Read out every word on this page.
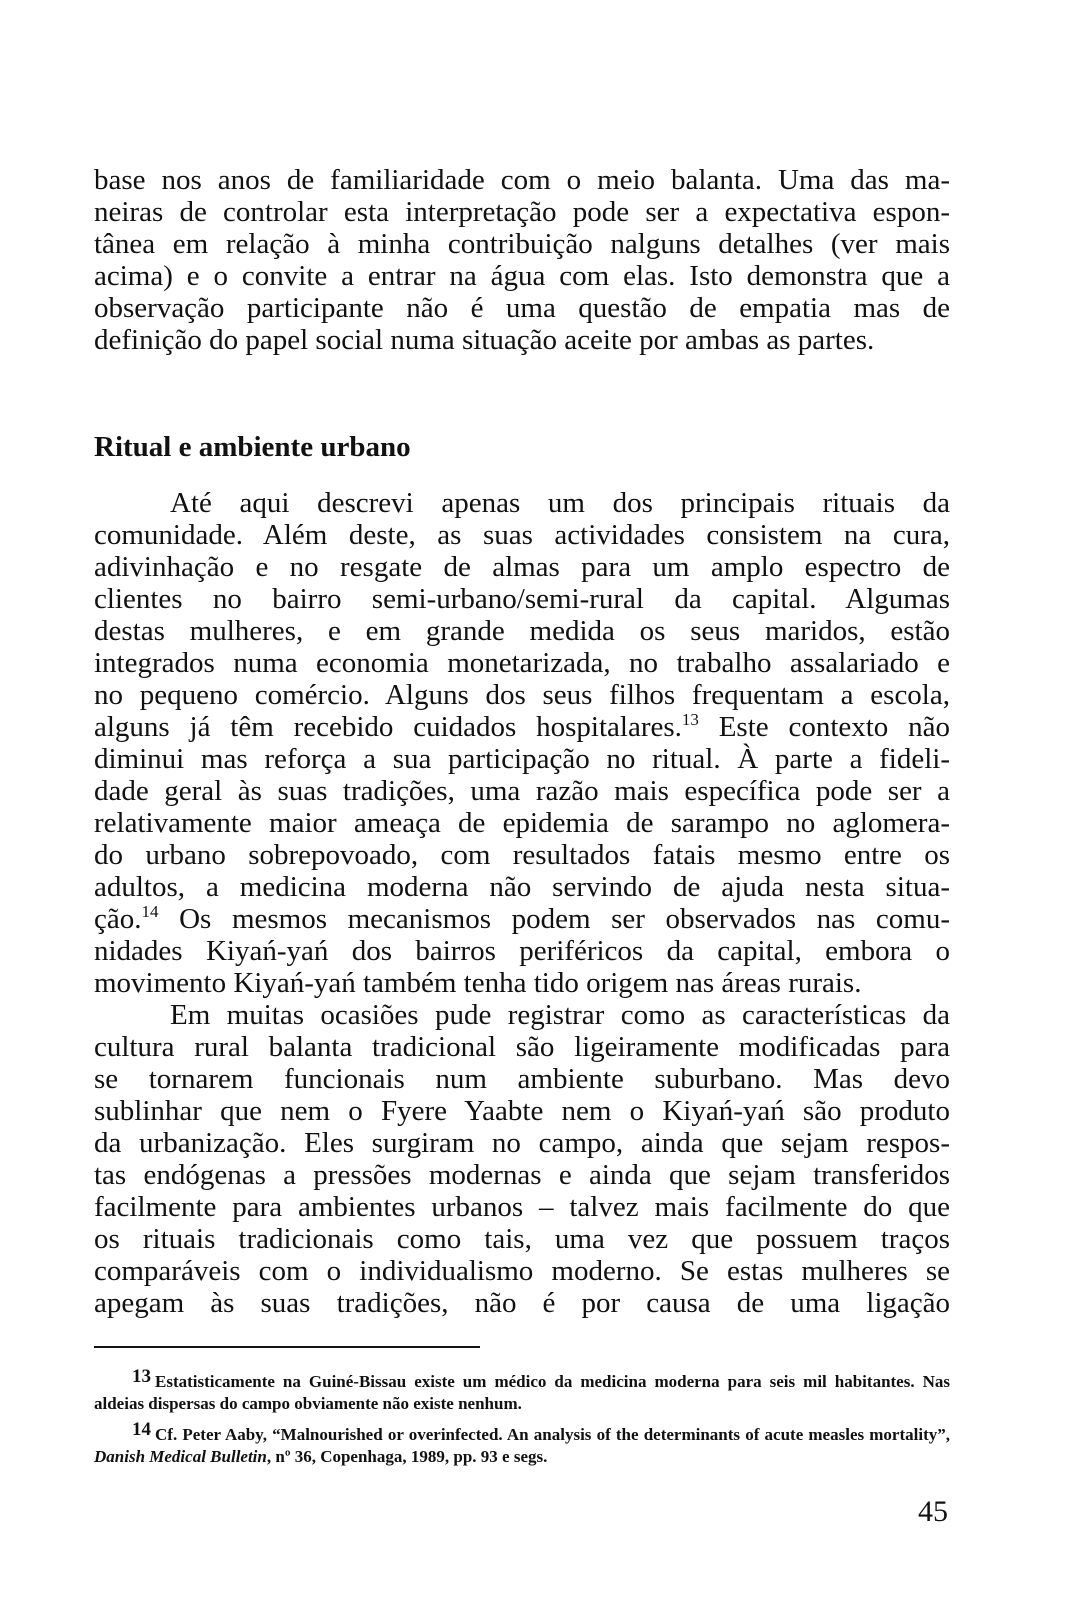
base nos anos de familiaridade com o meio balanta. Uma das ma-
neiras de controlar esta interpretação pode ser a expectativa espon-
tânea em relação à minha contribuição nalguns detalhes (ver mais
acima) e o convite a entrar na água com elas. Isto demonstra que a
observação participante não é uma questão de empatia mas de
definição do papel social numa situação aceite por ambas as partes.

Ritual e ambiente urbano

Até aqui descrevi apenas um dos principais rituais da
comunidade. Além deste, as suas actividades consistem na cura,
adivinhação e no resgate de almas para um amplo espectro de
clientes no bairro semi-urbano/semi-rural da capital. Algumas
destas mulheres, e em grande medida os seus maridos, estão
integrados numa economia monetarizada, no trabalho assalariado e
no pequeno comércio. Alguns dos seus filhos frequentam a escola,
alguns já têm recebido cuidados hospitalares.$^{13}$ Este contexto não
diminui mas reforça a sua participação no ritual. À parte a fideli-
dade geral às suas tradições, uma razão mais específica pode ser a
relativamente maior ameaça de epidemia de sarampo no aglomera-
do urbano sobrepovoado, com resultados fatais mesmo entre os
adultos, a medicina moderna não servindo de ajuda nesta situa-
ção.$^{14}$ Os mesmos mecanismos podem ser observados nas comu-
nidades Kiyań-yań dos bairros periféricos da capital, embora o
movimento Kiyań-yań também tenha tido origem nas áreas rurais.

Em muitas ocasiões pude registrar como as características da
cultura rural balanta tradicional são ligeiramente modificadas para
se tornarem funcionais num ambiente suburbano. Mas devo
sublinhar que nem o Fyere Yaabte nem o Kiyań-yań são produto
da urbanização. Eles surgiram no campo, ainda que sejam respos-
tas endógenas a pressões modernas e ainda que sejam transferidos
facilmente para ambientes urbanos – talvez mais facilmente do que
os rituais tradicionais como tais, uma vez que possuem traços
comparáveis com o individualismo moderno. Se estas mulheres se
apegam às suas tradições, não é por causa de uma ligação

13 Estatisticamente na Guiné-Bissau existe um médico da medicina moderna para seis mil habitantes. Nas aldeias dispersas do campo obviamente não existe nenhum.

14 Cf. Peter Aaby, “Malnourished or overinfected. An analysis of the determinants of acute measles mortality”, Danish Medical Bulletin, nº 36, Copenhaga, 1989, pp. 93 e segs.

45
